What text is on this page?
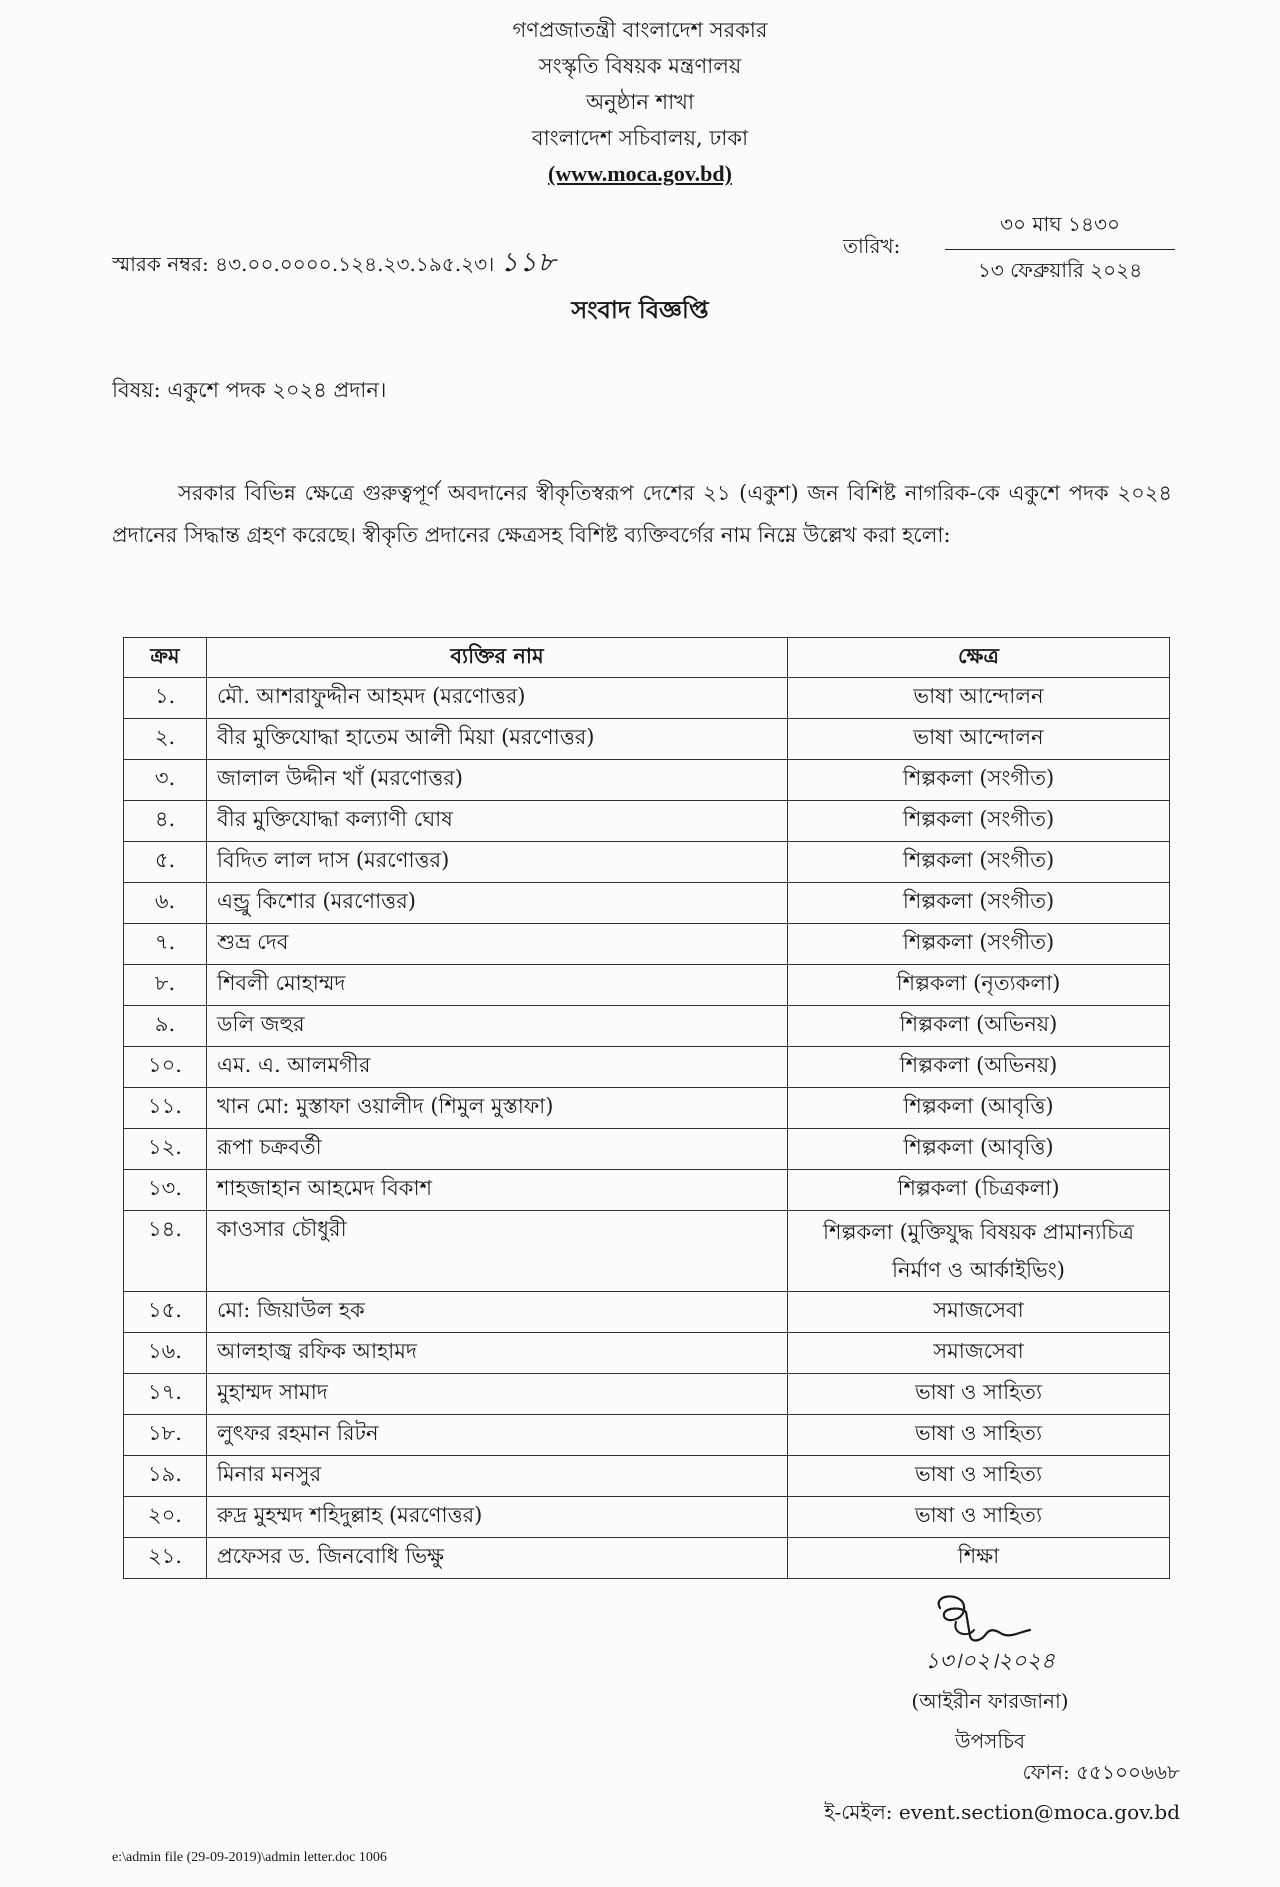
গণপ্রজাতন্ত্রী বাংলাদেশ সরকার
সংস্কৃতি বিষয়ক মন্ত্রণালয়
অনুষ্ঠান শাখা
বাংলাদেশ সচিবালয়, ঢাকা
(www.moca.gov.bd)
স্মারক নম্বর: ৪৩.০০.০০০০.১২৪.২৩.১৯৫.২৩। ১১৮
তারিখ:
৩০ মাঘ ১৪৩০
১৩ ফেব্রুয়ারি ২০২৪
সংবাদ বিজ্ঞপ্তি
বিষয়: একুশে পদক ২০২৪ প্রদান।
সরকার বিভিন্ন ক্ষেত্রে গুরুত্বপূর্ণ অবদানের স্বীকৃতিস্বরূপ দেশের ২১ (একুশ) জন বিশিষ্ট নাগরিক-কে একুশে পদক ২০২৪ প্রদানের সিদ্ধান্ত গ্রহণ করেছে। স্বীকৃতি প্রদানের ক্ষেত্রসহ বিশিষ্ট ব্যক্তিবর্গের নাম নিম্নে উল্লেখ করা হলো:
ক্রম	ব্যক্তির নাম	ক্ষেত্র
১.	মৌ. আশরাফুদ্দীন আহমদ (মরণোত্তর)	ভাষা আন্দোলন
২.	বীর মুক্তিযোদ্ধা হাতেম আলী মিয়া (মরণোত্তর)	ভাষা আন্দোলন
৩.	জালাল উদ্দীন খাঁ (মরণোত্তর)	শিল্পকলা (সংগীত)
৪.	বীর মুক্তিযোদ্ধা কল্যাণী ঘোষ	শিল্পকলা (সংগীত)
৫.	বিদিত লাল দাস (মরণোত্তর)	শিল্পকলা (সংগীত)
৬.	এন্ড্রু কিশোর (মরণোত্তর)	শিল্পকলা (সংগীত)
৭.	শুভ্র দেব	শিল্পকলা (সংগীত)
৮.	শিবলী মোহাম্মদ	শিল্পকলা (নৃত্যকলা)
৯.	ডলি জহুর	শিল্পকলা (অভিনয়)
১০.	এম. এ. আলমগীর	শিল্পকলা (অভিনয়)
১১.	খান মো: মুস্তাফা ওয়ালীদ (শিমুল মুস্তাফা)	শিল্পকলা (আবৃত্তি)
১২.	রূপা চক্রবর্তী	শিল্পকলা (আবৃত্তি)
১৩.	শাহজাহান আহমেদ বিকাশ	শিল্পকলা (চিত্রকলা)
১৪.	কাওসার চৌধুরী	শিল্পকলা (মুক্তিযুদ্ধ বিষয়ক প্রামান্যচিত্র নির্মাণ ও আর্কাইভিং)
১৫.	মো: জিয়াউল হক	সমাজসেবা
১৬.	আলহাজ্ব রফিক আহামদ	সমাজসেবা
১৭.	মুহাম্মদ সামাদ	ভাষা ও সাহিত্য
১৮.	লুৎফর রহমান রিটন	ভাষা ও সাহিত্য
১৯.	মিনার মনসুর	ভাষা ও সাহিত্য
২০.	রুদ্র মুহম্মদ শহিদুল্লাহ (মরণোত্তর)	ভাষা ও সাহিত্য
২১.	প্রফেসর ড. জিনবোধি ভিক্ষু	শিক্ষা
১৩।০২।২০২৪
(আইরীন ফারজানা)
উপসচিব
ফোন: ৫৫১০০৬৬৮
ই-মেইল: event.section@moca.gov.bd
e:\admin file (29-09-2019)\admin letter.doc 1006
